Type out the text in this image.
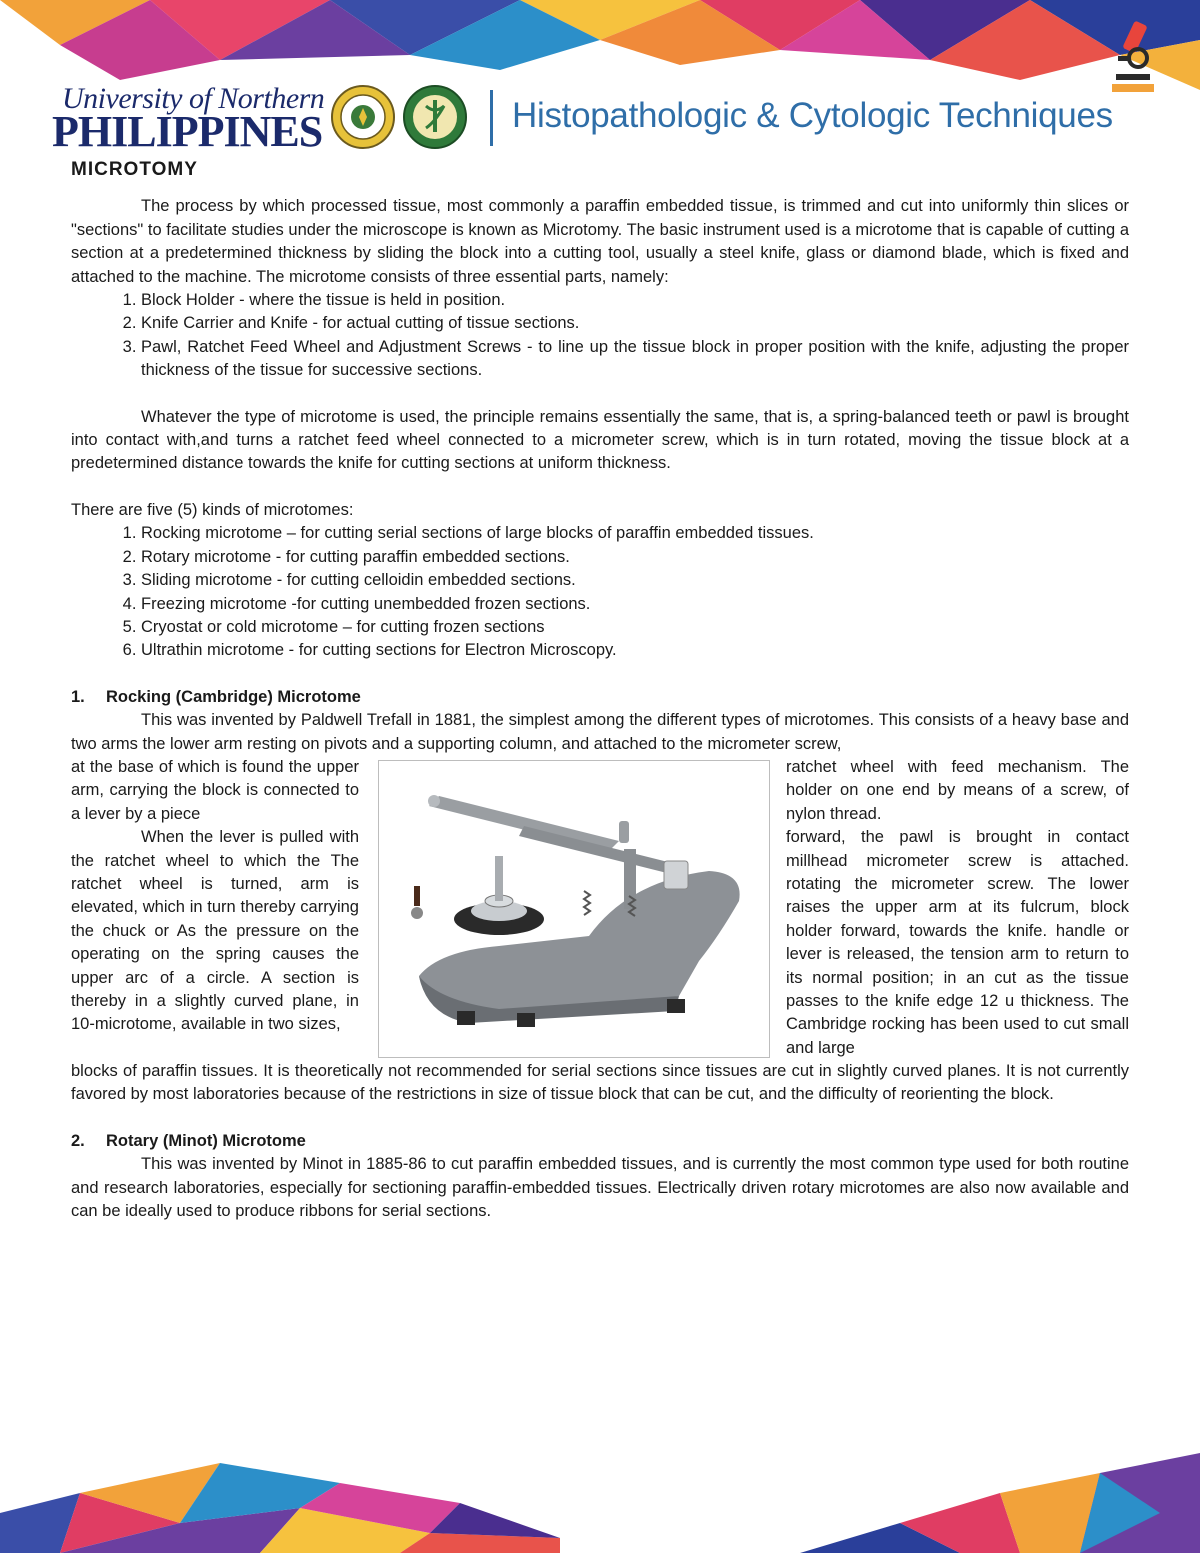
University of Northern
PHILIPPINES	Histopathologic & Cytologic Techniques
MICROTOMY

The process by which processed tissue, most commonly a paraffin embedded tissue, is trimmed and cut into uniformly thin slices or "sections" to facilitate studies under the microscope is known as Microtomy. The basic instrument used is a microtome that is capable of cutting a section at a predetermined thickness by sliding the block into a cutting tool, usually a steel knife, glass or diamond blade, which is fixed and attached to the machine. The microtome consists of three essential parts, namely:

1. Block Holder - where the tissue is held in position.
2. Knife Carrier and Knife - for actual cutting of tissue sections.
3. Pawl, Ratchet Feed Wheel and Adjustment Screws - to line up the tissue block in proper position with the knife, adjusting the proper thickness of the tissue for successive sections.

Whatever the type of microtome is used, the principle remains essentially the same, that is, a spring-balanced teeth or pawl is brought into contact with,and turns a ratchet feed wheel connected to a micrometer screw, which is in turn rotated, moving the tissue block at a predetermined distance towards the knife for cutting sections at uniform thickness.

There are five (5) kinds of microtomes:

1. Rocking microtome – for cutting serial sections of large blocks of paraffin embedded tissues.
2. Rotary microtome - for cutting paraffin embedded sections.
3. Sliding microtome - for cutting celloidin embedded sections.
4. Freezing microtome -for cutting unembedded frozen sections.
5. Cryostat or cold microtome – for cutting frozen sections
6. Ultrathin microtome - for cutting sections for Electron Microscopy.

1. Rocking (Cambridge) Microtome

This was invented by Paldwell Trefall in 1881, the simplest among the different types of microtomes. This consists of a heavy base and two arms the lower arm resting on pivots and a supporting column, and attached to the micrometer screw,

at the base of which is found the upper arm, carrying the block is connected to a lever by a piece

When the lever is pulled with the ratchet wheel to which the The ratchet wheel is turned, arm is elevated, which in turn thereby carrying the chuck or As the pressure on the operating on the spring causes the upper arc of a circle. A section is thereby in a slightly curved plane, in 10-microtome, available in two sizes,

ratchet wheel with feed mechanism. The holder on one end by means of a screw, of nylon thread.

forward, the pawl is brought in contact millhead micrometer screw is attached. rotating the micrometer screw. The lower raises the upper arm at its fulcrum, block holder forward, towards the knife. handle or lever is released, the tension arm to return to its normal position; in an cut as the tissue passes to the knife edge 12 u thickness. The Cambridge rocking has been used to cut small and large

blocks of paraffin tissues. It is theoretically not recommended for serial sections since tissues are cut in slightly curved planes. It is not currently favored by most laboratories because of the restrictions in size of tissue block that can be cut, and the difficulty of reorienting the block.

2. Rotary (Minot) Microtome

This was invented by Minot in 1885-86 to cut paraffin embedded tissues, and is currently the most common type used for both routine and research laboratories, especially for sectioning paraffin-embedded tissues. Electrically driven rotary microtomes are also now available and can be ideally used to produce ribbons for serial sections.
